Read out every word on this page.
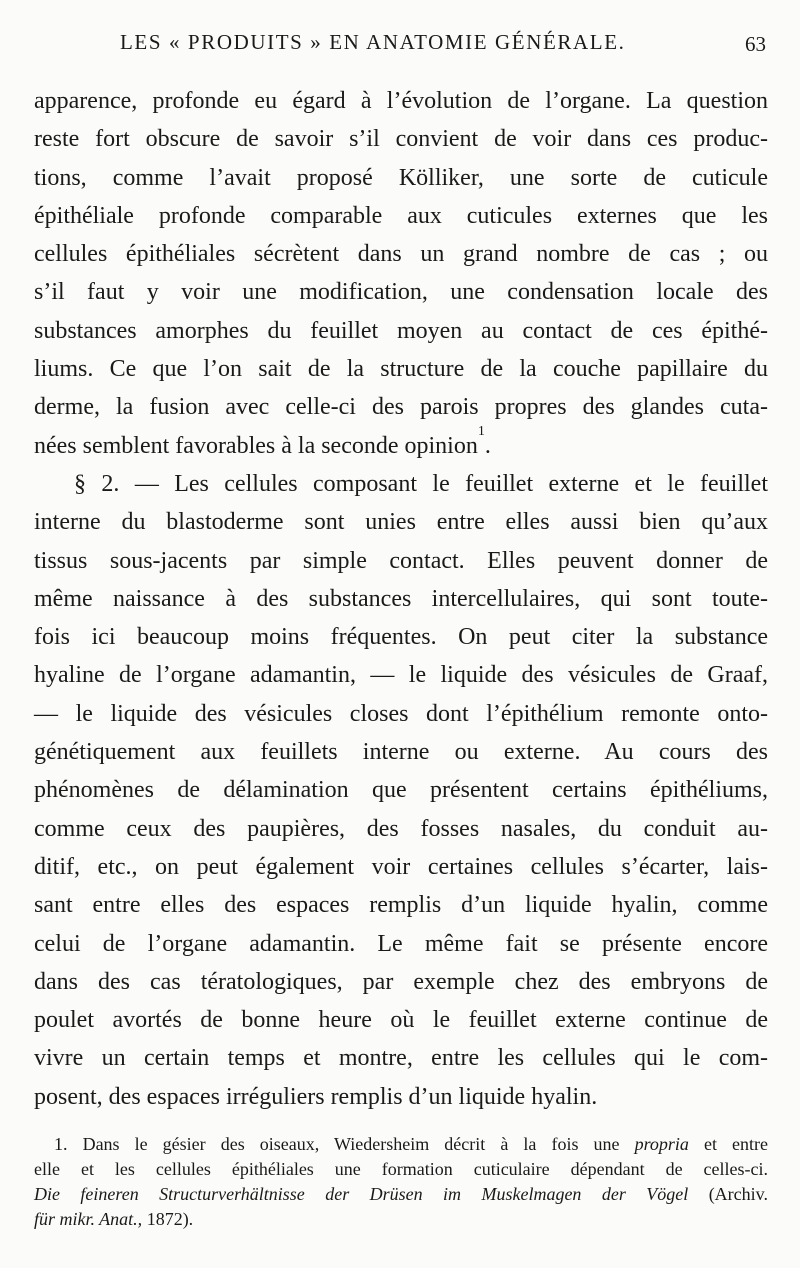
LES « PRODUITS » EN ANATOMIE GÉNÉRALE.	63
apparence, profonde eu égard à l’évolution de l’organe. La question
reste fort obscure de savoir s’il convient de voir dans ces produc-
tions, comme l’avait proposé Kölliker, une sorte de cuticule
épithéliale profonde comparable aux cuticules externes que les
cellules épithéliales sécrètent dans un grand nombre de cas ; ou
s’il faut y voir une modification, une condensation locale des
substances amorphes du feuillet moyen au contact de ces épithé-
liums. Ce que l’on sait de la structure de la couche papillaire du
derme, la fusion avec celle-ci des parois propres des glandes cuta-
nées semblent favorables à la seconde opinion$^1$.
§ 2. — Les cellules composant le feuillet externe et le feuillet
interne du blastoderme sont unies entre elles aussi bien qu’aux
tissus sous-jacents par simple contact. Elles peuvent donner de
même naissance à des substances intercellulaires, qui sont toute-
fois ici beaucoup moins fréquentes. On peut citer la substance
hyaline de l’organe adamantin, — le liquide des vésicules de Graaf,
— le liquide des vésicules closes dont l’épithélium remonte onto-
génétiquement aux feuillets interne ou externe. Au cours des
phénomènes de délamination que présentent certains épithéliums,
comme ceux des paupières, des fosses nasales, du conduit au-
ditif, etc., on peut également voir certaines cellules s’écarter, lais-
sant entre elles des espaces remplis d’un liquide hyalin, comme
celui de l’organe adamantin. Le même fait se présente encore
dans des cas tératologiques, par exemple chez des embryons de
poulet avortés de bonne heure où le feuillet externe continue de
vivre un certain temps et montre, entre les cellules qui le com-
posent, des espaces irréguliers remplis d’un liquide hyalin.
1. Dans le gésier des oiseaux, Wiedersheim décrit à la fois une propria et entre
elle et les cellules épithéliales une formation cuticulaire dépendant de celles-ci.
Die feineren Structurverhältnisse der Drüsen im Muskelmagen der Vögel (Archiv.
für mikr. Anat., 1872).
